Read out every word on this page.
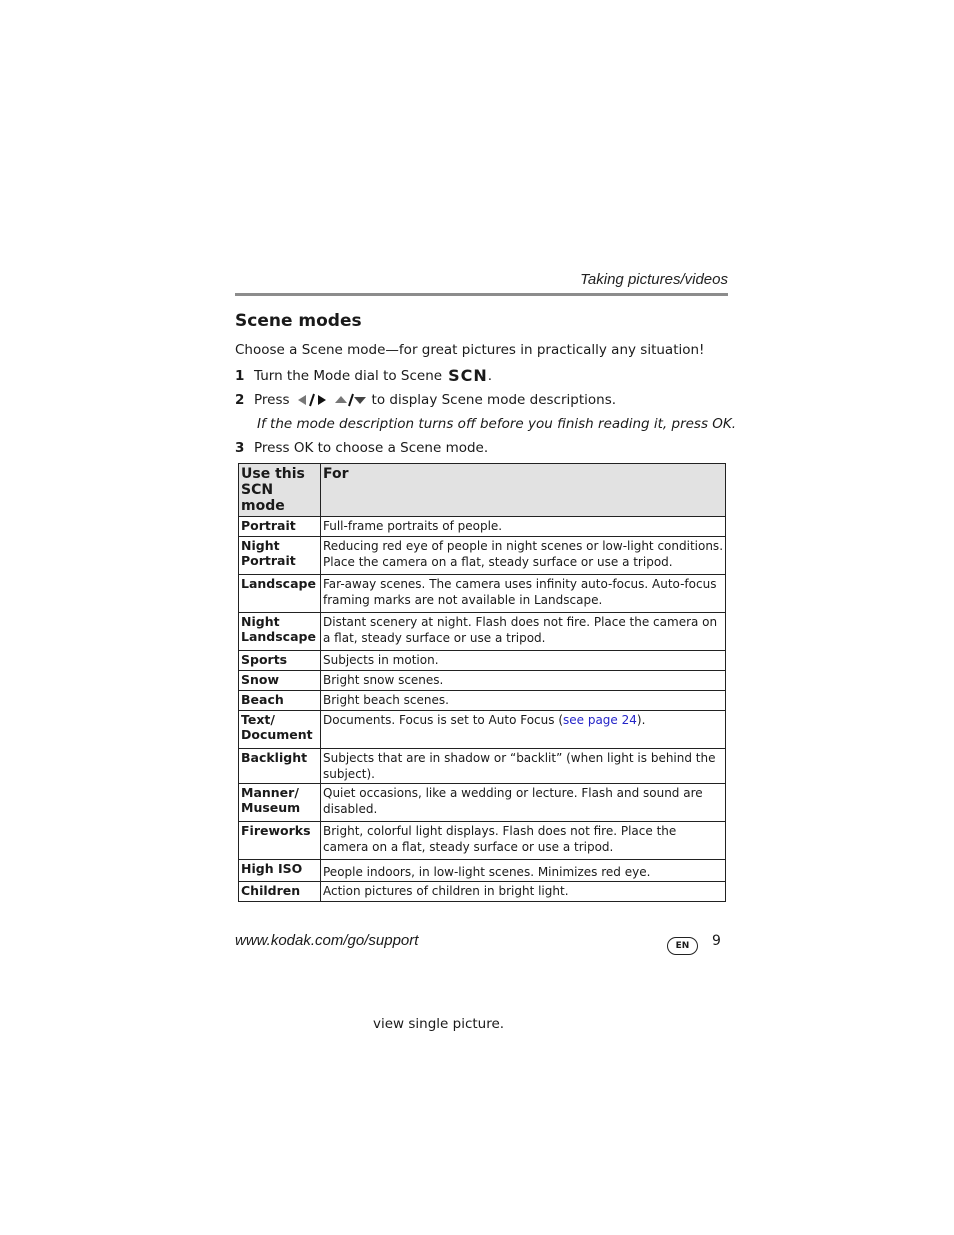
Taking pictures/videos
Scene modes
Choose a Scene mode—for great pictures in practically any situation!
1 Turn the Mode dial to Scene SCN .
2 Press	to display Scene mode descriptions.
If the mode description turns off before you finish reading it, press OK.
3 Press OK to choose a Scene mode.
Use this SCN mode	For
Portrait	Full-frame portraits of people.
Night Portrait	Reducing red eye of people in night scenes or low-light conditions. Place the camera on a flat, steady surface or use a tripod.
Landscape	Far-away scenes. The camera uses infinity auto-focus. Auto-focus framing marks are not available in Landscape.
Night Landscape	Distant scenery at night. Flash does not fire. Place the camera on a flat, steady surface or use a tripod.
Sports	Subjects in motion.
Snow	Bright snow scenes.
Beach	Bright beach scenes.
Text/ Document	Documents. Focus is set to Auto Focus (see page 24).
Backlight	Subjects that are in shadow or “backlit” (when light is behind the subject).
Manner/ Museum	Quiet occasions, like a wedding or lecture. Flash and sound are disabled.
Fireworks	Bright, colorful light displays. Flash does not fire. Place the camera on a flat, steady surface or use a tripod.
High ISO	People indoors, in low-light scenes. Minimizes red eye.
Children	Action pictures of children in bright light.
www.kodak.com/go/support	EN	9
view single picture.
